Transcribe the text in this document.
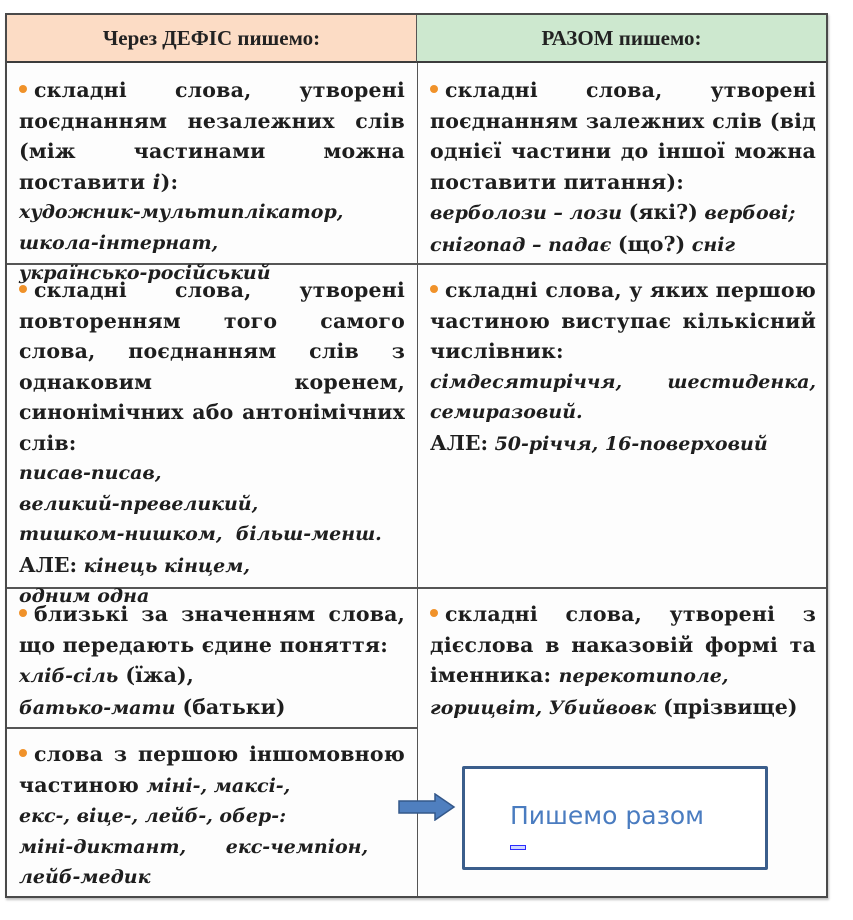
Через ДЕФІС пишемо:	РАЗОМ пишемо:

складні слова, утворені поєднанням незалежних слів (між частинами можна поставити і):

художник-мультиплікатор,

школа-інтернат,

українсько-російський

складні слова, утворені поєднанням залежних слів (від однієї частини до іншої можна поставити питання):

верболози – лози (які?) вербові;

снігопад – падає (що?) сніг

складні слова, утворені повторенням того самого слова, поєднанням слів з однаковим коренем, синонімічних або антонімічних слів:

писав-писав,

великий-превеликий,

тишком-нишком,  більш-менш.

АЛЕ: кінець кінцем,

одним одна

складні слова, у яких першою частиною виступає кількісний числівник:

сімдесятиріччя, шестиденка, семиразовий.

АЛЕ: 50-річчя, 16-поверховий

близькі за значенням слова, що передають єдине поняття:

хліб-сіль (їжа),

батько-мати (батьки)

складні слова, утворені з дієслова в наказовій формі та іменника: перекотиполе,

горицвіт, Убийвовк (прізвище)

слова з першою іншомовною частиною міні-, максі-,

екс-, віце-, лейб-, обер-:

міні-диктант,      екс-чемпіон,

лейб-медик

Пишемо разом
